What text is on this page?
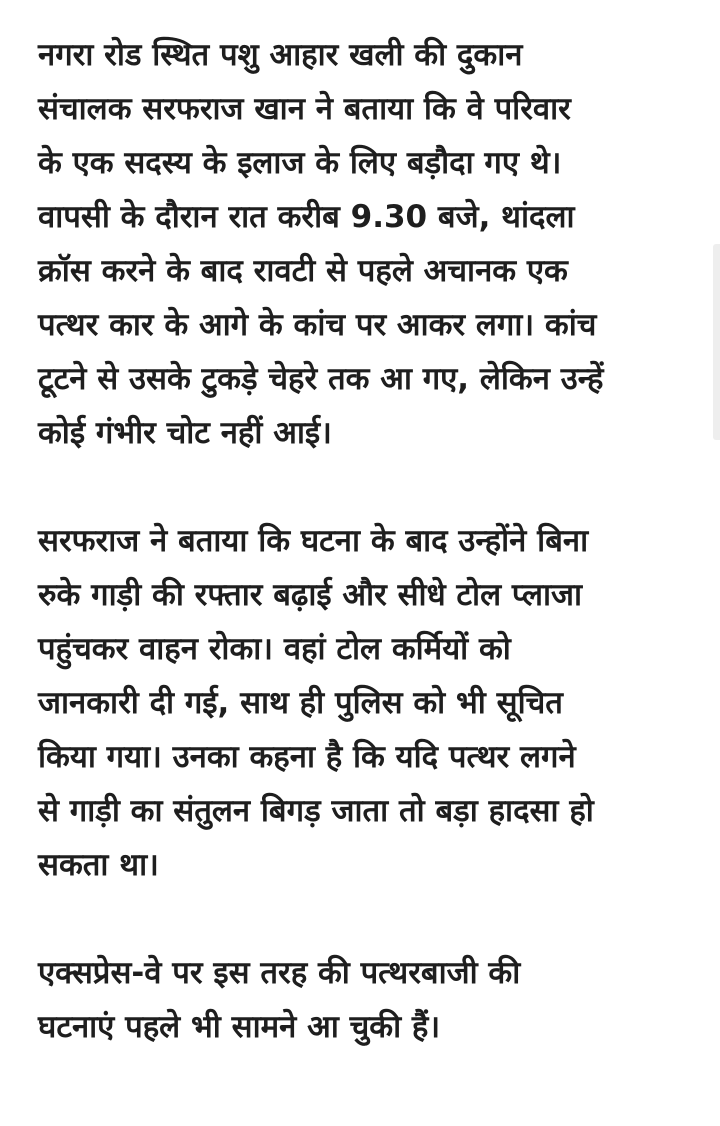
नगरा रोड स्थित पशु आहार खली की दुकान
संचालक सरफराज खान ने बताया कि वे परिवार
के एक सदस्य के इलाज के लिए बड़ौदा गए थे।
वापसी के दौरान रात करीब 9.30 बजे, थांदला
क्रॉस करने के बाद रावटी से पहले अचानक एक
पत्थर कार के आगे के कांच पर आकर लगा। कांच
टूटने से उसके टुकड़े चेहरे तक आ गए, लेकिन उन्हें
कोई गंभीर चोट नहीं आई।

सरफराज ने बताया कि घटना के बाद उन्होंने बिना
रुके गाड़ी की रफ्तार बढ़ाई और सीधे टोल प्लाजा
पहुंचकर वाहन रोका। वहां टोल कर्मियों को
जानकारी दी गई, साथ ही पुलिस को भी सूचित
किया गया। उनका कहना है कि यदि पत्थर लगने
से गाड़ी का संतुलन बिगड़ जाता तो बड़ा हादसा हो
सकता था।

एक्सप्रेस-वे पर इस तरह की पत्थरबाजी की
घटनाएं पहले भी सामने आ चुकी हैं।
